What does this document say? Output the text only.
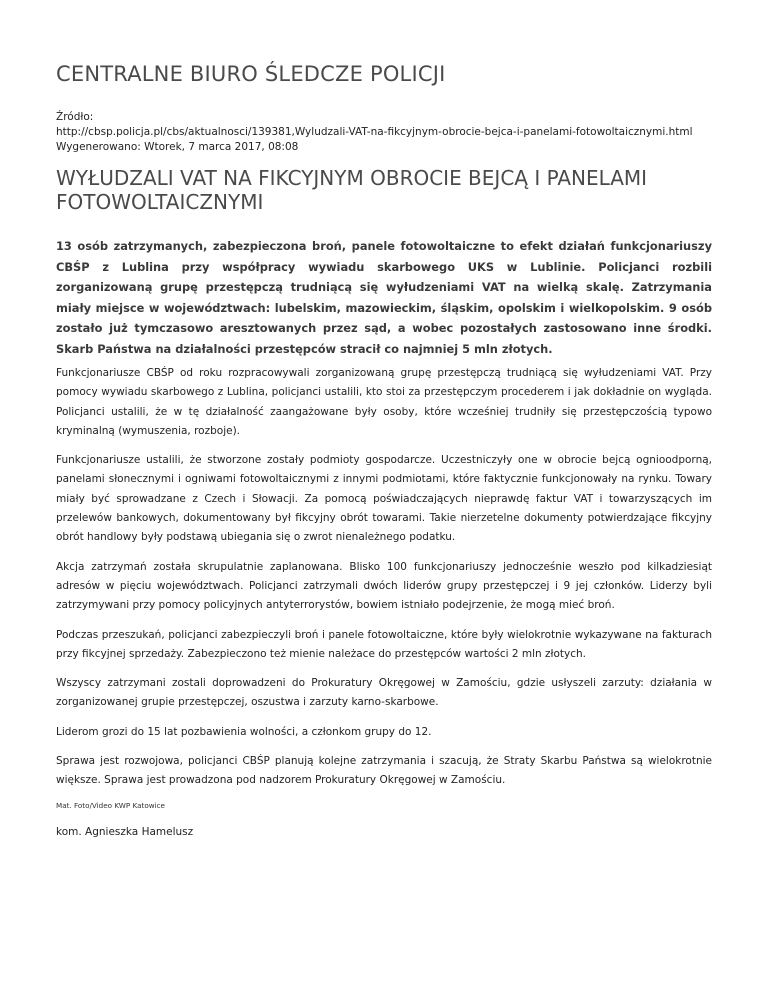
CENTRALNE BIURO ŚLEDCZE POLICJI
Źródło:
http://cbsp.policja.pl/cbs/aktualnosci/139381,Wyludzali-VAT-na-fikcyjnym-obrocie-bejca-i-panelami-fotowoltaicznymi.html
Wygenerowano: Wtorek, 7 marca 2017, 08:08
WYŁUDZALI VAT NA FIKCYJNYM OBROCIE BEJCĄ I PANELAMI FOTOWOLTAICZNYMI

13 osób zatrzymanych, zabezpieczona broń, panele fotowoltaiczne to efekt działań funkcjonariuszy CBŚP z Lublina przy współpracy wywiadu skarbowego UKS w Lublinie. Policjanci rozbili zorganizowaną grupę przestępczą trudniącą się wyłudzeniami VAT na wielką skalę. Zatrzymania miały miejsce w województwach: lubelskim, mazowieckim, śląskim, opolskim i wielkopolskim. 9 osób zostało już tymczasowo aresztowanych przez sąd, a wobec pozostałych zastosowano inne środki. Skarb Państwa na działalności przestępców stracił co najmniej 5 mln złotych.

Funkcjonariusze CBŚP od roku rozpracowywali zorganizowaną grupę przestępczą trudniącą się wyłudzeniami VAT. Przy pomocy wywiadu skarbowego z Lublina, policjanci ustalili, kto stoi za przestępczym procederem i jak dokładnie on wygląda. Policjanci ustalili, że w tę działalność zaangażowane były osoby, które wcześniej trudniły się przestępczością typowo kryminalną (wymuszenia, rozboje).

Funkcjonariusze ustalili, że stworzone zostały podmioty gospodarcze. Uczestniczyły one w obrocie bejcą ognioodporną, panelami słonecznymi i ogniwami fotowoltaicznymi z innymi podmiotami, które faktycznie funkcjonowały na rynku. Towary miały być sprowadzane z Czech i Słowacji. Za pomocą poświadczających nieprawdę faktur VAT i towarzyszących im przelewów bankowych, dokumentowany był fikcyjny obrót towarami. Takie nierzetelne dokumenty potwierdzające fikcyjny obrót handlowy były podstawą ubiegania się o zwrot nienależnego podatku.

Akcja zatrzymań została skrupulatnie zaplanowana. Blisko 100 funkcjonariuszy jednocześnie weszło pod kilkadziesiąt adresów w pięciu województwach. Policjanci zatrzymali dwóch liderów grupy przestępczej i 9 jej członków. Liderzy byli zatrzymywani przy pomocy policyjnych antyterrorystów, bowiem istniało podejrzenie, że mogą mieć broń.

Podczas przeszukań, policjanci zabezpieczyli broń i panele fotowoltaiczne, które były wielokrotnie wykazywane na fakturach przy fikcyjnej sprzedaży. Zabezpieczono też mienie należace do przestępców wartości 2 mln złotych.

Wszyscy zatrzymani zostali doprowadzeni do Prokuratury Okręgowej w Zamościu, gdzie usłyszeli zarzuty: działania w zorganizowanej grupie przestępczej, oszustwa i zarzuty karno-skarbowe.

Liderom grozi do 15 lat pozbawienia wolności, a członkom grupy do 12.

Sprawa jest rozwojowa, policjanci CBŚP planują kolejne zatrzymania i szacują, że Straty Skarbu Państwa są wielokrotnie większe. Sprawa jest prowadzona pod nadzorem Prokuratury Okręgowej w Zamościu.

Mat. Foto/Video KWP Katowice

kom. Agnieszka Hamelusz
